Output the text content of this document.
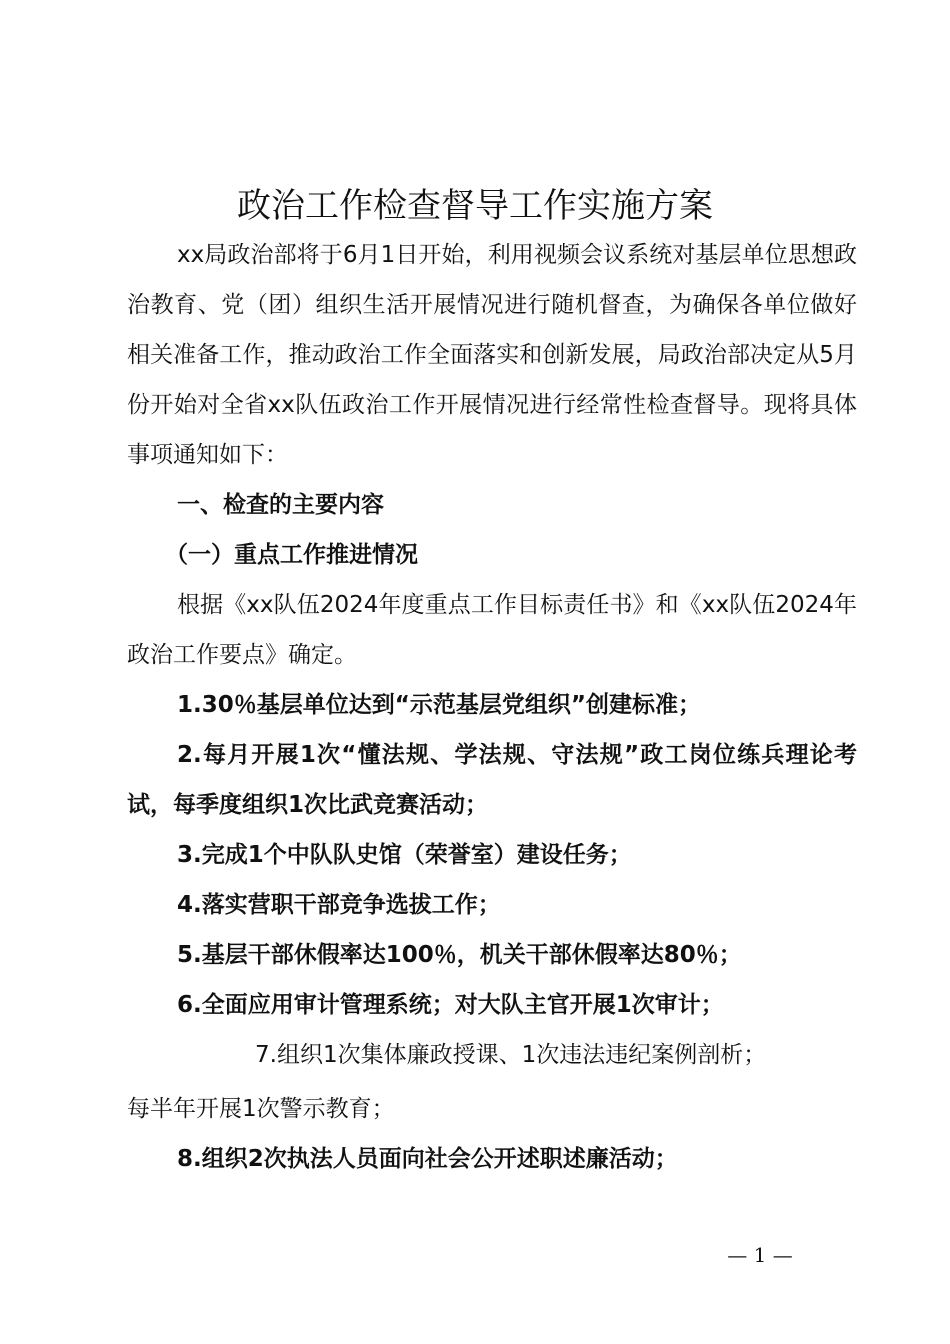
政治工作检查督导工作实施方案

xx局政治部将于6月1日开始，利用视频会议系统对基层单位思想政治教育、党（团）组织生活开展情况进行随机督查，为确保各单位做好相关准备工作，推动政治工作全面落实和创新发展，局政治部决定从5月份开始对全省xx队伍政治工作开展情况进行经常性检查督导。现将具体事项通知如下：

一、检查的主要内容

（一）重点工作推进情况

根据《xx队伍2024年度重点工作目标责任书》和《xx队伍2024年政治工作要点》确定。

1.30％基层单位达到“示范基层党组织”创建标准；

2.每月开展1次“懂法规、学法规、守法规”政工岗位练兵理论考试，每季度组织1次比武竞赛活动；

3.完成1个中队队史馆（荣誉室）建设任务；

4.落实营职干部竞争选拔工作；

5.基层干部休假率达100％，机关干部休假率达80％；

6.全面应用审计管理系统；对大队主官开展1次审计；

7.组织1次集体廉政授课、1次违法违纪案例剖析；

每半年开展1次警示教育；

8.组织2次执法人员面向社会公开述职述廉活动；

— 1 —
